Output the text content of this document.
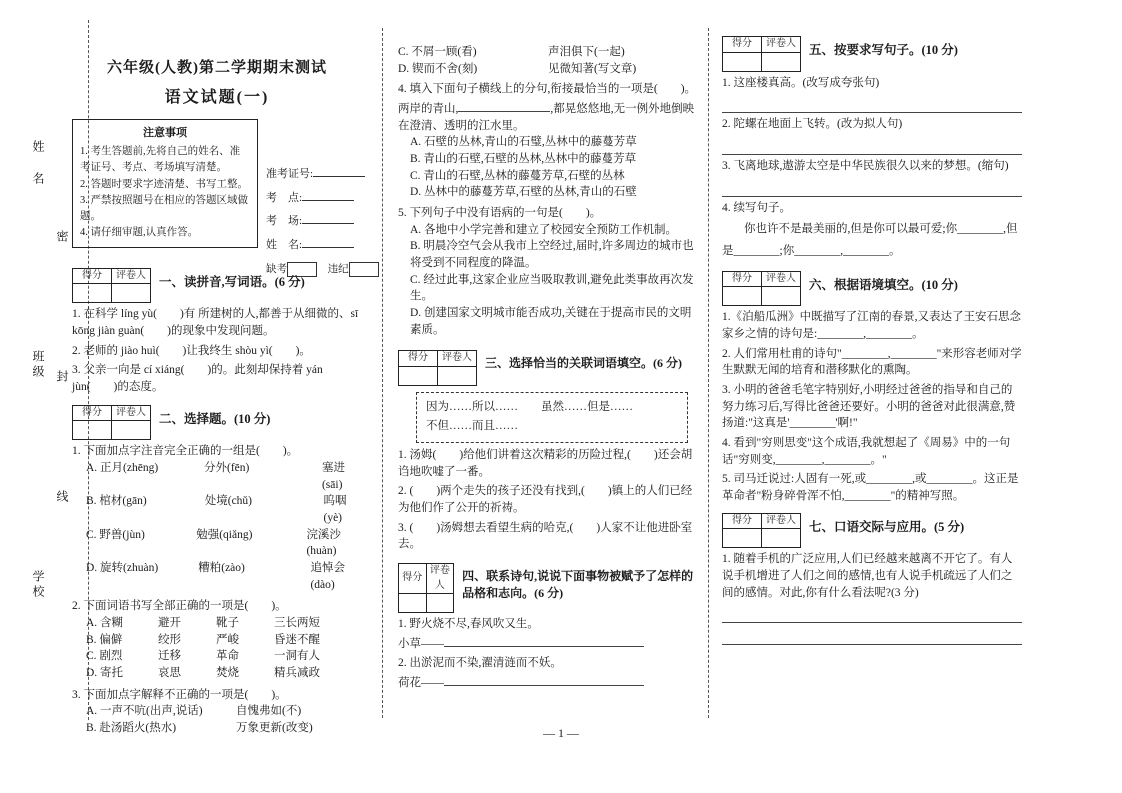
姓 名
班级
学校
密
封
线
六年级(人教)第二学期期末测试
语文试题(一)
注意事项
1. 考生答题前,先将自己的姓名、准考证号、考点、考场填写清楚。
2. 答题时要求字迹清楚、书写工整。
3. 严禁按照题号在相应的答题区域做题。
4. 请仔细审题,认真作答。
准考证号:
考　点:
考　场:
姓　名:
缺考	违纪
得分	评卷人
	一、读拼音,写词语。(6 分)
1. 在科学 líng yù(　　)有 所建树的人,都善于从细微的、sī kōng jiàn guàn(　　)的现象中发现问题。
2. 老师的 jiào huì(　　)让我终生 shòu yì(　　)。
3. 父亲一向是 cí xiáng(　　)的。此刻却保持着 yán jùn(　　)的态度。
得分	评卷人
	二、选择题。(10 分)
1. 下面加点字注音完全正确的一组是(　　)。
A. 正月(zhēng)	分外(fēn)	塞进(sāi)
B. 棺材(gān)	处境(chǔ)	呜咽(yè)
C. 野兽(jùn)	勉强(qiǎng)	浣溪沙(huàn)
D. 旋转(zhuàn)	糟粕(zào)	追悼会(dào)
2. 下面词语书写全部正确的一项是(　　)。
A. 含糊	避开	靴子	三长两短
B. 偏僻	绞形	严峻	昏迷不醒
C. 剧烈	迁移	革命	一洞有人
D. 寄托	哀思	焚烧	精兵减政
3. 下面加点字解释不正确的一项是(　　)。
A. 一声不吭(出声,说话)	自愧弗如(不)
B. 赴汤蹈火(热水)	万象更新(改变)
C. 不屑一顾(看)	声泪俱下(一起)
D. 锲而不舍(刻)	见微知著(写文章)
4. 填入下面句子横线上的分句,衔接最恰当的一项是(　　)。
两岸的青山,	,都晃悠悠地,无一例外地倒映在澄清、透明的江水里。
A. 石壁的丛林,青山的石璧,丛林中的藤蔓芳草
B. 青山的石壁,石壁的丛林,丛林中的藤蔓芳草
C. 青山的石壁,丛林的藤蔓芳草,石壁的丛林
D. 丛林中的藤蔓芳草,石壁的丛林,青山的石壁
5. 下列句子中没有语病的一句是(　　)。
A. 各地中小学完善和建立了校园安全预防工作机制。
B. 明晨冷空气会从我市上空经过,届时,许多周边的城市也将受到不同程度的降温。
C. 经过此事,这家企业应当吸取教训,避免此类事故再次发生。
D. 创建国家文明城市能否成功,关键在于提高市民的文明素质。
得分	评卷人
	三、选择恰当的关联词语填空。(6 分)
因为……所以……　　虽然……但是……
不但……而且……
1. 汤姆(　　)给他们讲着这次精彩的历险过程,(　　)还会胡诌地吹嘘了一番。
2. (　　)两个走失的孩子还没有找到,(　　)镇上的人们已经为他们作了公开的祈祷。
3. (　　)汤姆想去看望生病的哈克,(　　)人家不让他进卧室去。
得分	评卷人

四、联系诗句,说说下面事物被赋予了怎样的品格和志向。(6 分)
1. 野火烧不尽,春风吹又生。
小草——
2. 出淤泥而不染,濯清涟而不妖。
荷花——
得分	评卷人
	五、按要求写句子。(10 分)
1. 这座楼真高。(改写成夸张句)
2. 陀螺在地面上飞转。(改为拟人句)
3. 飞离地球,遨游太空是中华民族很久以来的梦想。(缩句)
4. 续写句子。
你也许不是最美丽的,但是你可以最可爱;你________,但是________;你________,________。
得分	评卷人
	六、根据语境填空。(10 分)
1.《泊船瓜洲》中既描写了江南的春景,又表达了王安石思念家乡之情的诗句是:________,________。
2. 人们常用杜甫的诗句"________,________"来形容老师对学生默默无闻的培育和潜移默化的熏陶。
3. 小明的爸爸毛笔字特别好,小明经过爸爸的指导和自己的努力练习后,写得比爸爸还要好。小明的爸爸对此很满意,赞扬道:"这真是'________'啊!"
4. 看到"穷则思变"这个成语,我就想起了《周易》中的一句话"穷则变,________,________。"
5. 司马迁说过:人固有一死,或________,或________。这正是革命者"粉身碎骨浑不怕,________"的精神写照。
得分	评卷人
	七、口语交际与应用。(5 分)
1. 随着手机的广泛应用,人们已经越来越离不开它了。有人说手机增进了人们之间的感情,也有人说手机疏远了人们之间的感情。对此,你有什么看法呢?(3 分)
— 1 —
